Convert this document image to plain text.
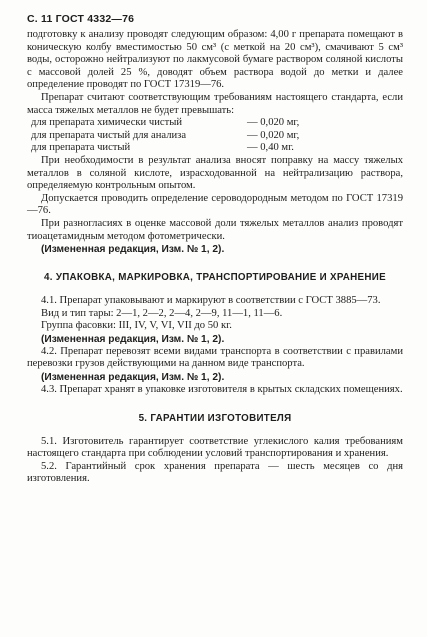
С. 11 ГОСТ 4332—76

подготовку к анализу проводят следующим образом: 4,00 г препарата помещают в коническую колбу вместимостью 50 см³ (с меткой на 20 см³), смачивают 5 см³ воды, осторожно нейтрализуют по лакмусовой бумаге раствором соляной кислоты с массовой долей 25 %, доводят объем раствора водой до метки и далее определение проводят по ГОСТ 17319—76.

Препарат считают соответствующим требованиям настоящего стандарта, если масса тяжелых металлов не будет превышать:

для препарата химически чистый	— 0,020 мг,
для препарата чистый для анализа	— 0,020 мг,
для препарата чистый	— 0,40 мг.

При необходимости в результат анализа вносят поправку на массу тяжелых металлов в соляной кислоте, израсходованной на нейтрализацию раствора, определяемую контрольным опытом.

Допускается проводить определение сероводородным методом по ГОСТ 17319—76.

При разногласиях в оценке массовой доли тяжелых металлов анализ проводят тиоацетамидным методом фотометрически.

(Измененная редакция, Изм. № 1, 2).
4. УПАКОВКА, МАРКИРОВКА, ТРАНСПОРТИРОВАНИЕ И ХРАНЕНИЕ

4.1. Препарат упаковывают и маркируют в соответствии с ГОСТ 3885—73.

Вид и тип тары: 2—1, 2—2, 2—4, 2—9, 11—1, 11—6.

Группа фасовки: III, IV, V, VI, VII до 50 кг.

(Измененная редакция, Изм. № 1, 2).

4.2. Препарат перевозят всеми видами транспорта в соответствии с правилами перевозки грузов действующими на данном виде транспорта.

(Измененная редакция, Изм. № 1, 2).

4.3. Препарат хранят в упаковке изготовителя в крытых складских помещениях.

5. ГАРАНТИИ ИЗГОТОВИТЕЛЯ

5.1. Изготовитель гарантирует соответствие углекислого калия требованиям настоящего стандарта при соблюдении условий транспортирования и хранения.

5.2. Гарантийный срок хранения препарата — шесть месяцев со дня изготовления.
